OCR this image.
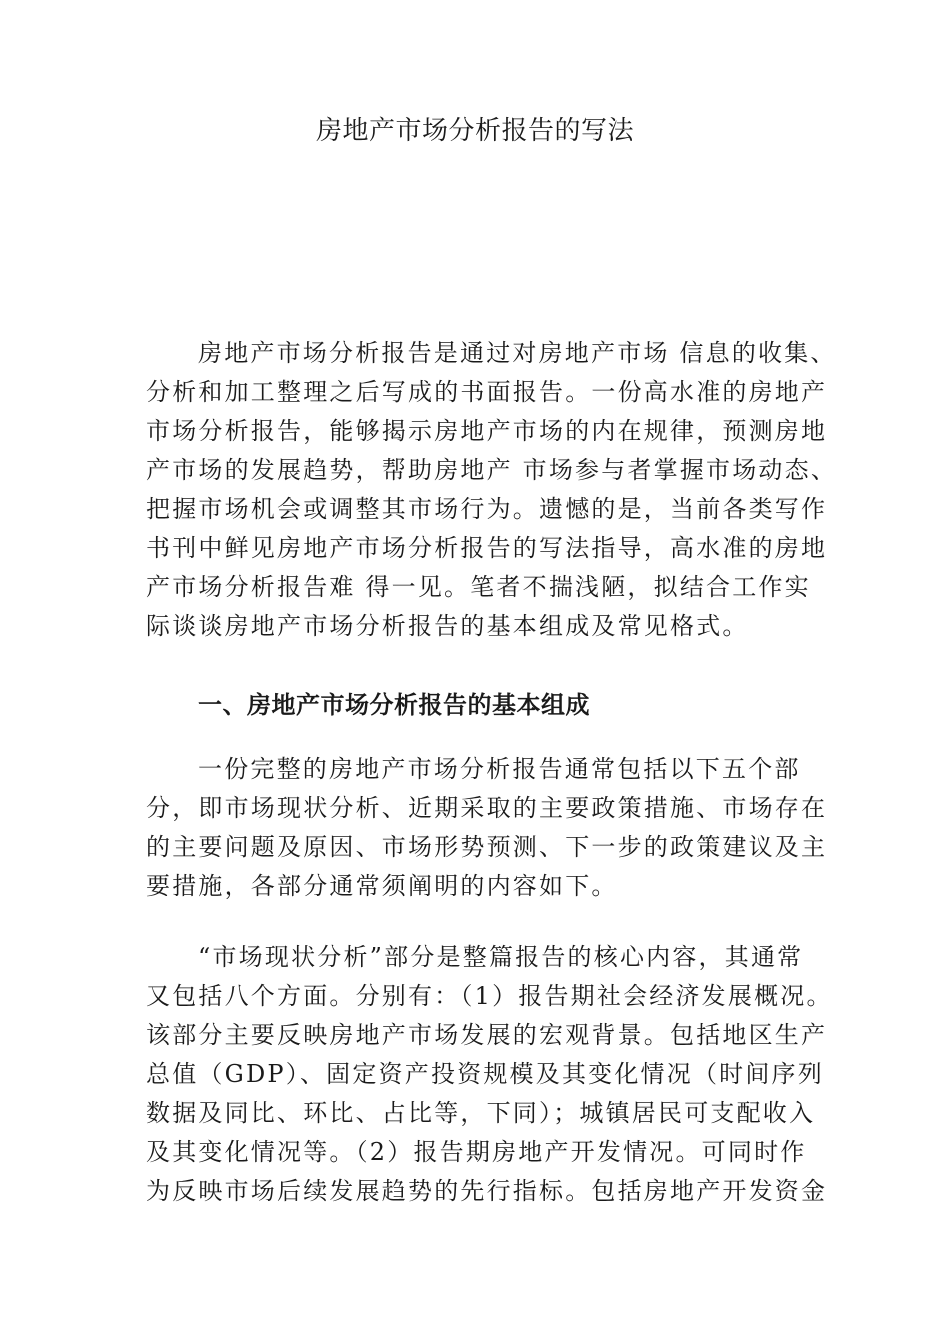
房地产市场分析报告的写法

房地产市场分析报告是通过对房地产市场 信息的收集、
分析和加工整理之后写成的书面报告。一份高水准的房地产
市场分析报告，能够揭示房地产市场的内在规律，预测房地
产市场的发展趋势，帮助房地产 市场参与者掌握市场动态、
把握市场机会或调整其市场行为。遗憾的是，当前各类写作
书刊中鲜见房地产市场分析报告的写法指导，高水准的房地
产市场分析报告难 得一见。笔者不揣浅陋，拟结合工作实
际谈谈房地产市场分析报告的基本组成及常见格式。

一、房地产市场分析报告的基本组成

一份完整的房地产市场分析报告通常包括以下五个部
分，即市场现状分析、近期采取的主要政策措施、市场存在
的主要问题及原因、市场形势预测、下一步的政策建议及主
要措施，各部分通常须阐明的内容如下。

“市场现状分析”部分是整篇报告的核心内容，其通常
又包括八个方面。分别有：（1）报告期社会经济发展概况。
该部分主要反映房地产市场发展的宏观背景。包括地区生产
总值（GDP）、固定资产投资规模及其变化情况（时间序列
数据及同比、环比、占比等，下同）；城镇居民可支配收入
及其变化情况等。（2）报告期房地产开发情况。可同时作
为反映市场后续发展趋势的先行指标。包括房地产开发资金
